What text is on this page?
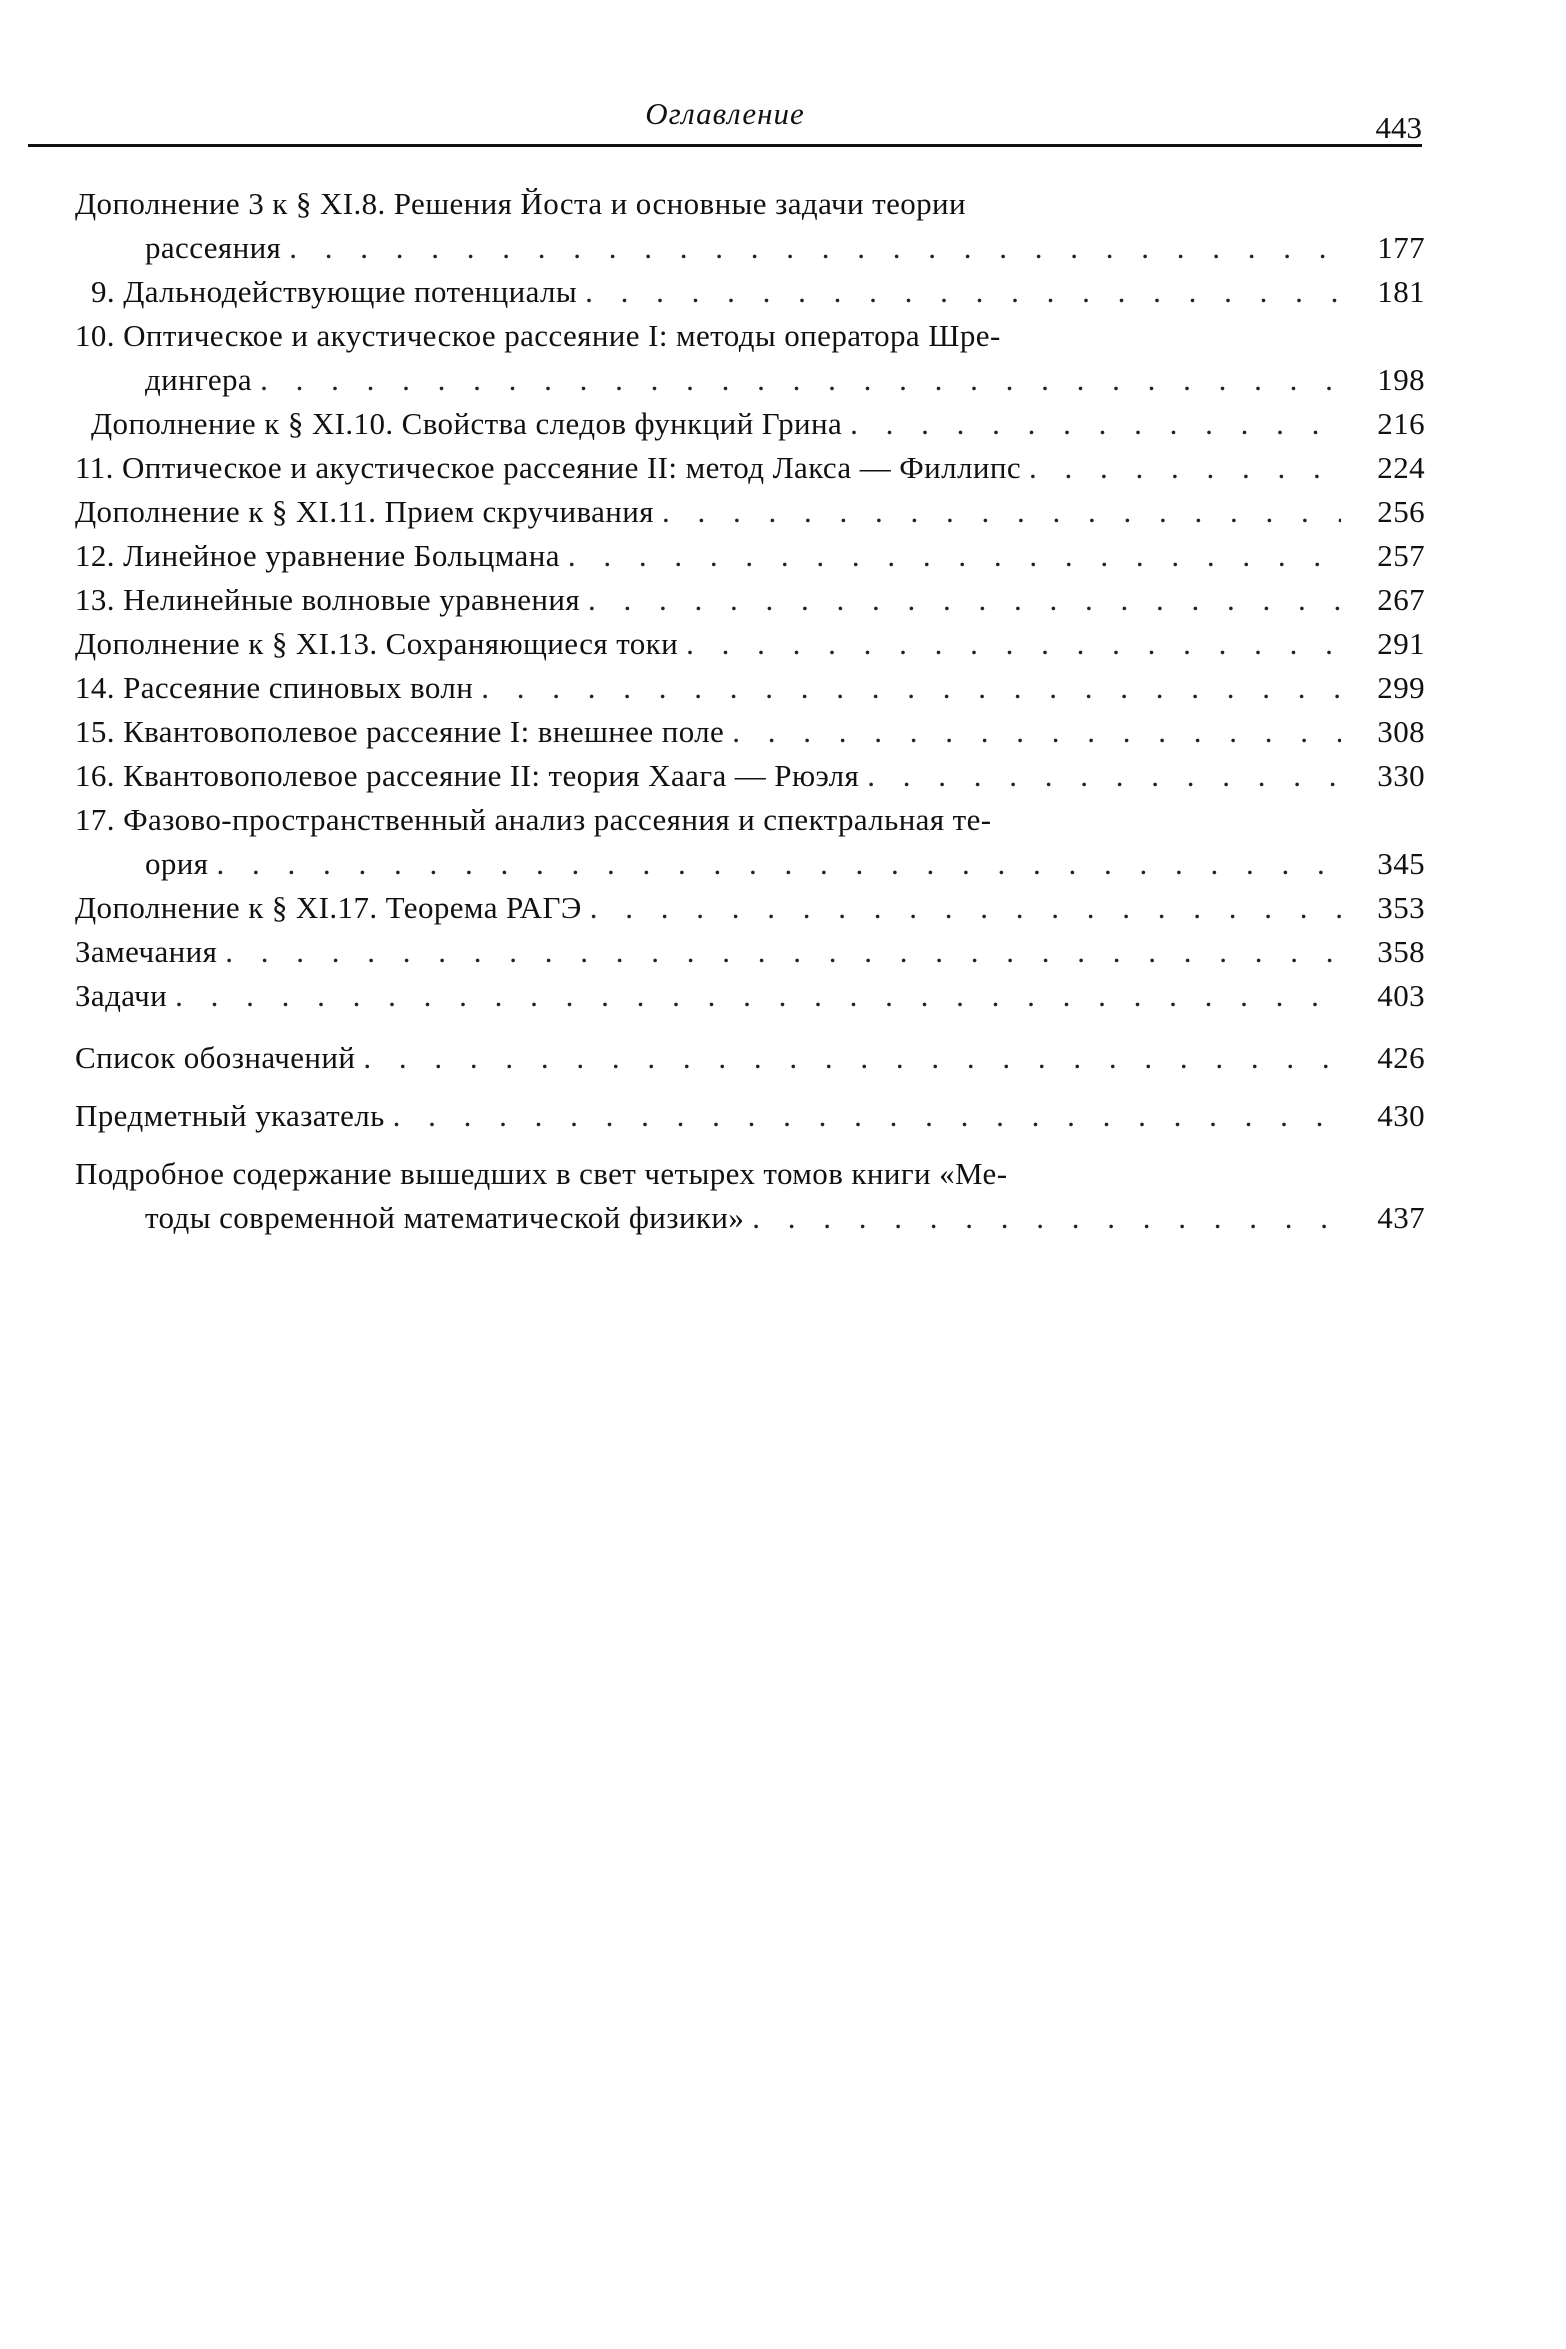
Оглавление	443
Дополнение 3 к § XI.8. Решения Йоста и основные задачи теории
рассеяния . . .	177
9. Дальнодействующие потенциалы . . .	181
10. Оптическое и акустическое рассеяние I: методы оператора Шре-
дингера . . .	198
Дополнение к § XI.10. Свойства следов функций Грина . . .	216
11. Оптическое и акустическое рассеяние II: метод Лакса — Филлипс . . .	224
Дополнение к § XI.11. Прием скручивания . . .	256
12. Линейное уравнение Больцмана . . .	257
13. Нелинейные волновые уравнения . . .	267
Дополнение к § XI.13. Сохраняющиеся токи . . .	291
14. Рассеяние спиновых волн . . .	299
15. Квантовополевое рассеяние I: внешнее поле . . .	308
16. Квантовополевое рассеяние II: теория Хаага — Рюэля . . .	330
17. Фазово-пространственный анализ рассеяния и спектральная те-
ория . . .	345
Дополнение к § XI.17. Теорема РАГЭ . . .	353
Замечания . . .	358
Задачи . . .	403
Список обозначений . . .	426
Предметный указатель . . .	430
Подробное содержание вышедших в свет четырех томов книги «Ме-
тоды современной математической физики» . . .	437
